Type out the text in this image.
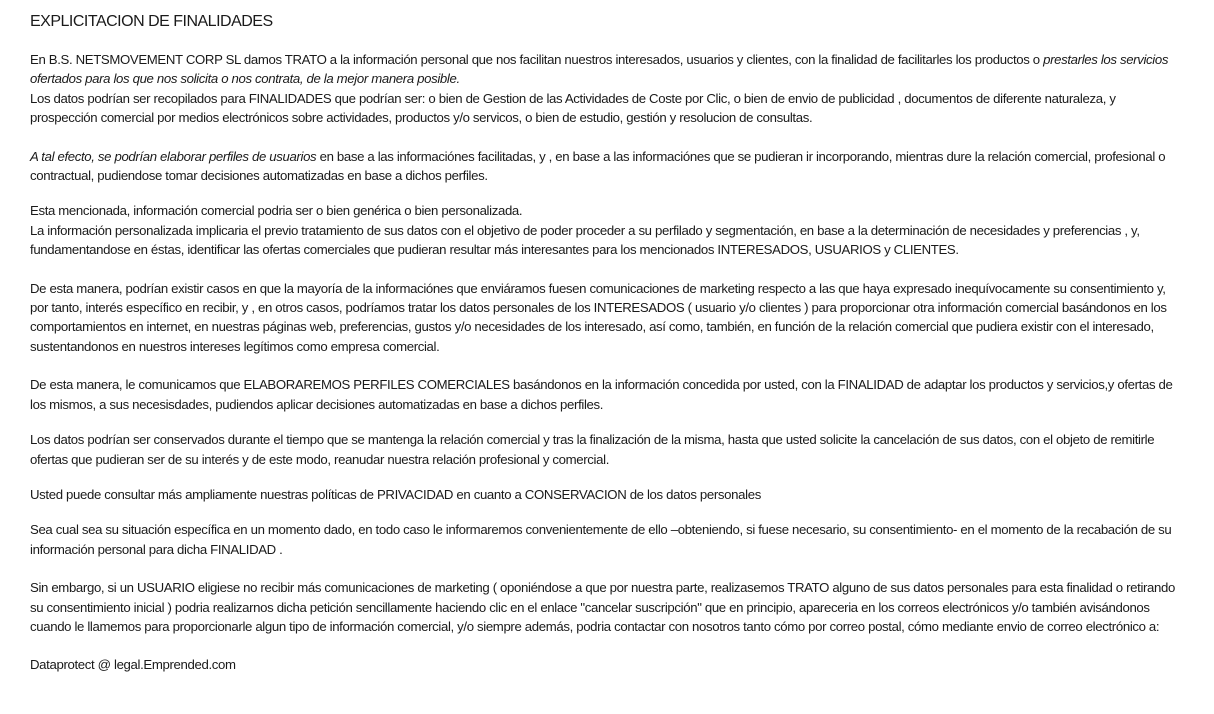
EXPLICITACION DE FINALIDADES

En B.S. NETSMOVEMENT CORP SL damos TRATO a la información personal que nos facilitan nuestros interesados, usuarios y clientes, con la finalidad de facilitarles los productos o prestarles los servicios ofertados para los que nos solicita o nos contrata, de la mejor manera posible.
Los datos podrían ser recopilados para FINALIDADES que podrían ser: o bien de Gestion de las Actividades de Coste por Clic, o bien de envio de publicidad , documentos de diferente naturaleza, y prospección comercial por medios electrónicos sobre actividades, productos y/o servicos, o bien de estudio, gestión y resolucion de consultas.

A tal efecto, se podrían elaborar perfiles de usuarios en base a las informaciónes facilitadas, y , en base a las informaciónes que se pudieran ir incorporando, mientras dure la relación comercial, profesional o contractual, pudiendose tomar decisiones automatizadas en base a dichos perfiles.

Esta mencionada, información comercial podria ser o bien genérica o bien personalizada.
La información personalizada implicaria el previo tratamiento de sus datos con el objetivo de poder proceder a su perfilado y segmentación, en base a la determinación de necesidades y preferencias , y, fundamentandose en éstas, identificar las ofertas comerciales que pudieran resultar más interesantes para los mencionados INTERESADOS, USUARIOS y CLIENTES.

De esta manera, podrían existir casos en que la mayoría de la informaciónes que enviáramos fuesen comunicaciones de marketing respecto a las que haya expresado inequívocamente su consentimiento y, por tanto, interés específico en recibir, y , en otros casos, podríamos tratar los datos personales de los INTERESADOS ( usuario y/o clientes ) para proporcionar otra información comercial basándonos en los comportamientos en internet, en nuestras páginas web, preferencias, gustos y/o necesidades de los interesado, así como, también, en función de la relación comercial que pudiera existir con el interesado, sustentandonos en nuestros intereses legítimos como empresa comercial.

De esta manera, le comunicamos que ELABORAREMOS PERFILES COMERCIALES basándonos en la información concedida por usted, con la FINALIDAD de adaptar los productos y servicios,y ofertas de los mismos, a sus necesisdades, pudiendos aplicar decisiones automatizadas en base a dichos perfiles.

Los datos podrían ser conservados durante el tiempo que se mantenga la relación comercial y tras la finalización de la misma, hasta que usted solicite la cancelación de sus datos, con el objeto de remitirle ofertas que pudieran ser de su interés y de este modo, reanudar nuestra relación profesional y comercial.

Usted puede consultar más ampliamente nuestras políticas de PRIVACIDAD en cuanto a CONSERVACION de los datos personales

Sea cual sea su situación específica en un momento dado, en todo caso le informaremos convenientemente de ello –obteniendo, si fuese necesario, su consentimiento- en el momento de la recabación de su información personal para dicha FINALIDAD .

Sin embargo, si un USUARIO eligiese no recibir más comunicaciones de marketing ( oponiéndose a que por nuestra parte, realizasemos TRATO alguno de sus datos personales para esta finalidad o retirando su consentimiento inicial ) podria realizarnos dicha petición sencillamente haciendo clic en el enlace "cancelar suscripción" que en principio, apareceria en los correos electrónicos y/o también avisándonos cuando le llamemos para proporcionarle algun tipo de información comercial, y/o siempre además, podria contactar con nosotros tanto cómo por correo postal, cómo mediante envio de correo electrónico a:

Dataprotect @ legal.Emprended.com
